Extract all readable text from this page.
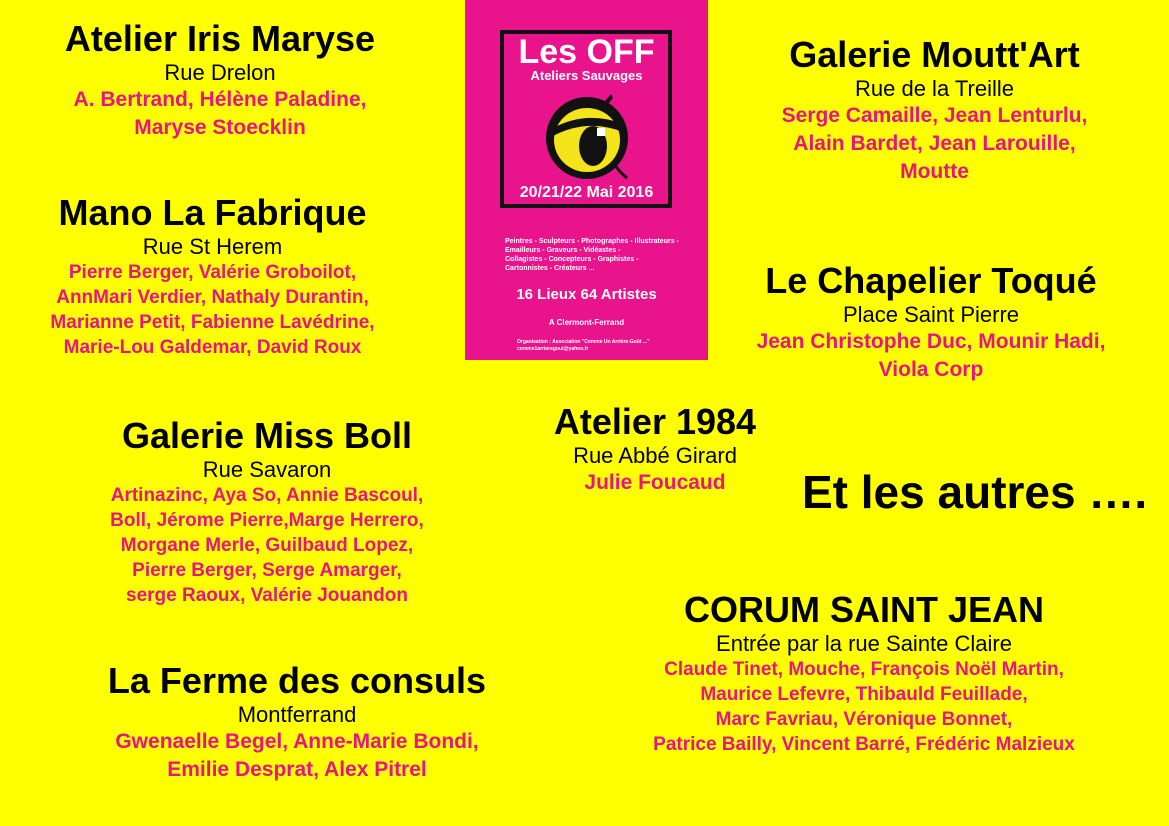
Atelier Iris Maryse
Rue Drelon
A. Bertrand, Hélène Paladine,
Maryse Stoecklin
Mano La Fabrique
Rue St Herem
Pierre Berger, Valérie Groboilot,
AnnMari Verdier, Nathaly Durantin,
Marianne Petit, Fabienne Lavédrine,
Marie-Lou Galdemar, David Roux
Galerie Miss Boll
Rue Savaron
Artinazinc, Aya So, Annie Bascoul,
Boll, Jérome Pierre,Marge Herrero,
Morgane Merle, Guilbaud Lopez,
Pierre Berger, Serge Amarger,
serge Raoux, Valérie Jouandon
La Ferme des consuls
Montferrand
Gwenaelle Begel, Anne-Marie Bondi,
Emilie Desprat, Alex Pitrel
Galerie Moutt'Art
Rue de la Treille
Serge Camaille, Jean Lenturlu,
Alain Bardet, Jean Larouille,
Moutte
Le Chapelier Toqué
Place Saint Pierre
Jean Christophe Duc, Mounir Hadi,
Viola Corp
Atelier 1984
Rue Abbé Girard
Julie Foucaud
CORUM SAINT JEAN
Entrée par la rue Sainte Claire
Claude Tinet, Mouche, François Noël Martin,
Maurice Lefevre, Thibauld Feuillade,
Marc Favriau, Véronique Bonnet,
Patrice Bailly, Vincent Barré, Frédéric Malzieux
Et les autres ….
Les OFF
Ateliers Sauvages
20/21/22 Mai 2016
Peintres - Sculpteurs - Photographes - Illustrateurs -
Emailleurs - Graveurs - Vidéastes -
Collagistes - Concepteurs - Graphistes -
Cartonnistes - Créateurs ...
16 Lieux 64 Artistes
A Clermont-Ferrand
Organisation : Association "Comme Un Arrière-Goût ..."
comme1arrieregout@yahoo.fr
